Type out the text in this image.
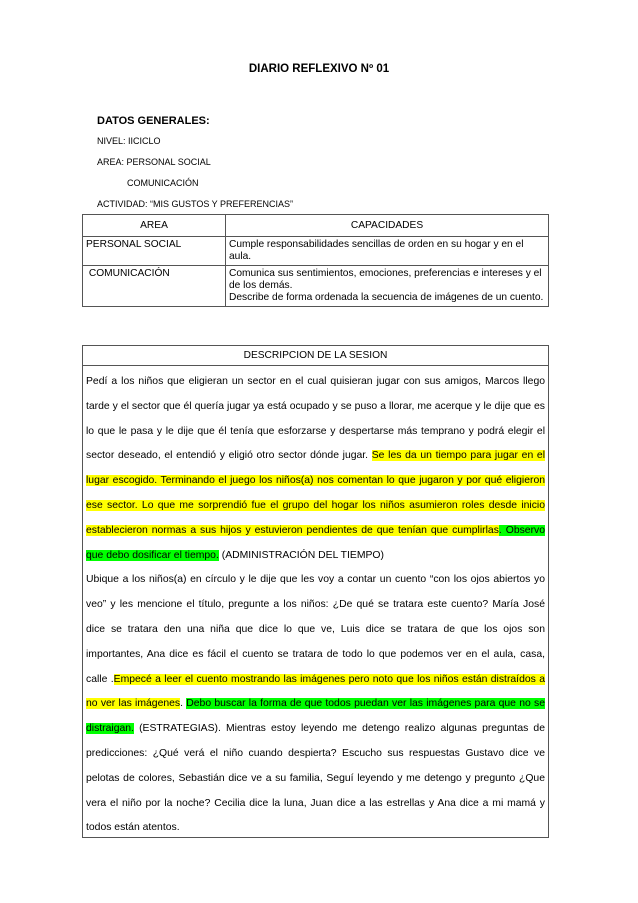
DIARIO REFLEXIVO Nº 01
DATOS GENERALES:
NIVEL: IICICLO
AREA: PERSONAL SOCIAL
COMUNICACIÓN
ACTIVIDAD: “MIS GUSTOS Y PREFERENCIAS”
AREA	CAPACIDADES
PERSONAL SOCIAL	Cumple responsabilidades sencillas de orden en su hogar y en el aula.

COMUNICACIÓN	Comunica sus sentimientos, emociones, preferencias e intereses y el de los demás.
Describe de forma ordenada la secuencia de imágenes de un cuento.
DESCRIPCION DE LA SESION
Pedí a los niños que eligieran un sector en el cual quisieran jugar con sus amigos, Marcos llego tarde y el sector que él quería jugar ya está ocupado y se puso a llorar, me acerque y le dije que es lo que le pasa y le dije que él tenía que esforzarse y despertarse más temprano y podrá elegir el sector deseado, el entendió y eligió otro sector dónde jugar. Se les da un tiempo para jugar en el lugar escogido. Terminando el juego los niños(a) nos comentan lo que jugaron y por qué eligieron ese sector. Lo que me sorprendió fue el grupo del hogar los niños asumieron roles desde inicio establecieron normas a sus hijos y estuvieron pendientes de que tenían que cumplirlas. Observo que debo dosificar el tiempo. (ADMINISTRACIÓN DEL TIEMPO)
Ubique a los niños(a) en círculo y le dije que les voy a contar un cuento “con los ojos abiertos yo veo” y les mencione el título, pregunte a los niños: ¿De qué se tratara este cuento? María José dice se tratara den una niña que dice lo que ve, Luis dice se tratara de que los ojos son importantes, Ana dice es fácil el cuento se tratara de todo lo que podemos ver en el aula, casa, calle .Empecé a leer el cuento mostrando las imágenes pero noto que los niños están distraídos a no ver las imágenes. Debo buscar la forma de que todos puedan ver las imágenes para que no se distraigan. (ESTRATEGIAS). Mientras estoy leyendo me detengo realizo algunas preguntas de predicciones: ¿Qué verá el niño cuando despierta? Escucho sus respuestas Gustavo dice ve pelotas de colores, Sebastián dice ve a su familia, Seguí leyendo y me detengo y pregunto ¿Que vera el niño por la noche? Cecilia dice la luna, Juan dice a las estrellas y Ana dice a mi mamá y todos están atentos.
